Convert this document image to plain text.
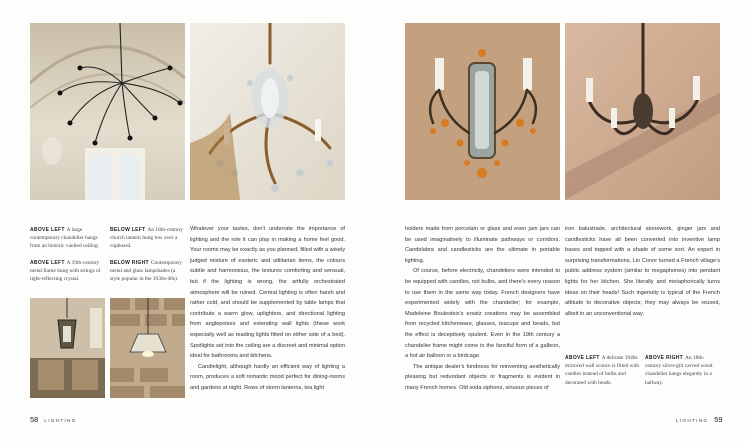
ABOVE LEFT A large contemporary chandelier hangs from an historic vaulted ceiling.
BELOW LEFT An 18th-century church lantern hung low over a cupboard.
ABOVE LEFT A 19th-century metal frame hung with strings of light-reflecting crystal.
BELOW RIGHT Contemporary metal and glass lampshades (a style popular in the 1930s-40s).

Whatever your tastes, don't underrate the importance of lighting and the role it can play in making a home feel good. Your rooms may be exactly as you planned, filled with a wisely judged mixture of esoteric and utilitarian items, the colours subtle and harmonious, the textures comforting and sensual, but if the lighting is wrong, the artfully orchestrated atmosphere will be ruined. Central lighting is often harsh and rather cold, and should be supplemented by table lamps that contribute a warm glow, uplighters, and directional lighting from anglepoises and extending wall lights (these work especially well as reading lights fitted on either side of a bed). Spotlights set into the ceiling are a discreet and minimal option ideal for bathrooms and kitchens.

Candlelight, although hardly an efficient way of lighting a room, produces a soft romantic mood perfect for dining-rooms and gardens at night. Rows of storm lanterns, tea light

holders made from porcelain or glass and even jam jars can be used imaginatively to illuminate pathways or corridors. Candelabra and candlesticks are the ultimate in portable lighting.

Of course, before electricity, chandeliers were intended to be equipped with candles, not bulbs, and there's every reason to use them in the same way today. French designers have experimented widely with the chandelier; for example, Madeleine Boulesteix's ersatz creations may be assembled from recycled kitchenware, glasses, teacups and beads, but the effect is deceptively opulent. Even in the 19th century a chandelier frame might come in the fanciful form of a galleon, a hot air balloon or a birdcage.

The antique dealer's fondness for reinventing aesthetically pleasing but redundant objects or fragments is evident in many French homes. Old soda siphons, sinuous pieces of

iron balustrade, architectural stonework, ginger jars and candlesticks have all been converted into inventive lamp bases and topped with a shade of some sort. An expert in surprising transformations, Lin Conor turned a French village's public address system (similar to megaphones) into pendant lights for her kitchen. She literally and metaphorically turns ideas on their heads! Such ingenuity is typical of the French attitude to decorative objects; they may always be reused, albeit in an unconventional way.

ABOVE LEFT A delicate 1940s mirrored wall sconce is fitted with candles instead of bulbs and decorated with beads.
ABOVE RIGHT An 18th-century silver-gilt carved wood chandelier hangs elegantly in a hallway.
58 LIGHTING	LIGHTING 59
